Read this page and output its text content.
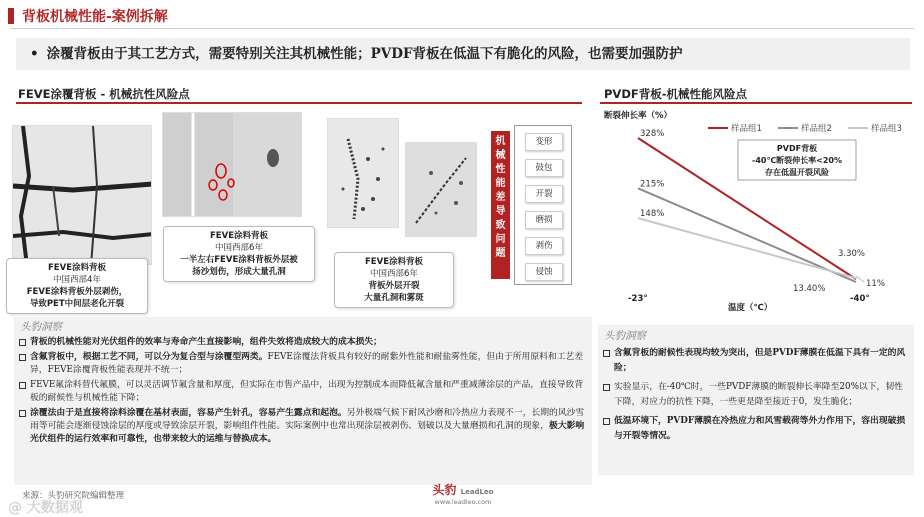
背板机械性能-案例拆解
• 涂覆背板由于其工艺方式，需要特别关注其机械性能；PVDF背板在低温下有脆化的风险，也需要加强防护
FEVE涂覆背板 - 机械抗性风险点
FEVE涂料背板
中国西部4年
FEVE涂料背板外层剥伤，
导致PET中间层老化开裂
FEVE涂料背板
中国西部6年
一半左右FEVE涂料背板外层被
扬沙划伤，形成大量孔洞
FEVE涂料背板
中国西部6年
背板外层开裂
大量孔洞和雾斑
机
械
性
能
差
导
致
问
题
变形
鼓包
开裂
磨损
剥伤
侵蚀
PVDF背板-机械性能风险点
断裂伸长率（%）
样品组1	样品组2	样品组3
328%
11%
215%
3.30%
148%
13.40%
PVDF背板
-40℃断裂伸长率<20%
存在低温开裂风险
-23°	-40°
温度（℃）
头豹洞察
背板的机械性能对光伏组件的效率与寿命产生直接影响，组件失效将造成较大的成本损失；
含氟背板中，根据工艺不同，可以分为复合型与涂覆型两类。FEVE涂覆法背板具有较好的耐紫外性能和耐盐雾性能，但由于所用原料和工艺差异，FEVE涂覆背板性能表现并不统一；
FEVE氟涂料替代氟膜，可以灵活调节氟含量和厚度，但实际在市售产品中，出现为控制成本而降低氟含量和严重减薄涂层的产品，直接导致背板的耐候性与机械性能下降；
涂覆法由于是直接将涂料涂覆在基材表面，容易产生针孔，容易产生露点和起泡。另外极端气候下耐风沙磨和冷热应力表现不一，长期的风沙雪雨等可能会逐渐侵蚀涂层的厚度或导致涂层开裂，影响组件性能。实际案例中也常出现涂层被剥伤、划破以及大量磨损和孔洞的现象，极大影响光伏组件的运行效率和可靠性，也带来较大的运维与替换成本。
头豹洞察
含氟背板的耐候性表现均较为突出，但是PVDF薄膜在低温下具有一定的风险；
实验显示，在-40℃时，一些PVDF薄膜的断裂伸长率降至20%以下，韧性下降，对应力的抗性下降，一些更是降至接近于0，发生脆化；
低温环境下，PVDF薄膜在冷热应力和风雪载荷等外力作用下，容出现破损与开裂等情况。
来源：头豹研究院编辑整理	头豹 LeadLeo
www.leadleo.com
@ 大数据观
